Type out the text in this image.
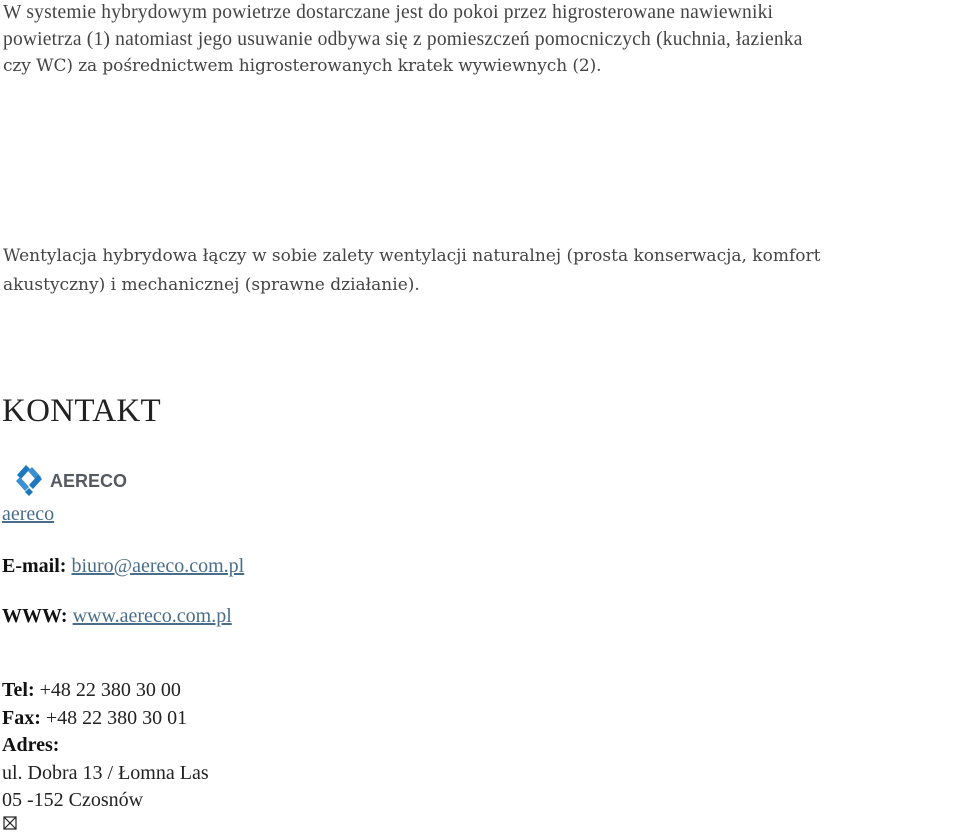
W systemie hybrydowym powietrze dostarczane jest do pokoi przez higrosterowane nawiewniki
powietrza (1) natomiast jego usuwanie odbywa się z pomieszczeń pomocniczych (kuchnia, łazienka
czy WC) za pośrednictwem higrosterowanych kratek wywiewnych (2).

Wentylacja hybrydowa łączy w sobie zalety wentylacji naturalnej (prosta konserwacja, komfort
akustyczny) i mechanicznej (sprawne działanie).

KONTAKT
AERECO
aereco
E-mail: biuro@aereco.com.pl
WWW: www.aereco.com.pl
Tel: +48 22 380 30 00
Fax: +48 22 380 30 01
Adres:
ul. Dobra 13 / Łomna Las
05 -152 Czosnów
